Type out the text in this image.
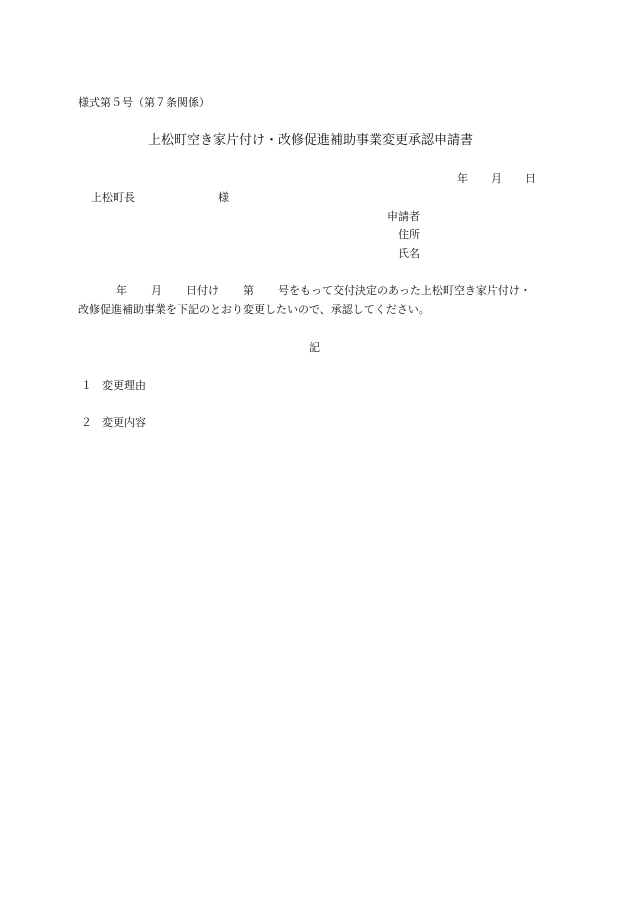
様式第５号（第７条関係）
上松町空き家片付け・改修促進補助事業変更承認申請書
年 月 日
上松町長	様
申請者
住所
氏名
年 月 日付け 第 号をもって交付決定のあった上松町空き家片付け・
改修促進補助事業を下記のとおり変更したいので、承認してください。
記
１ 変更理由
２ 変更内容
